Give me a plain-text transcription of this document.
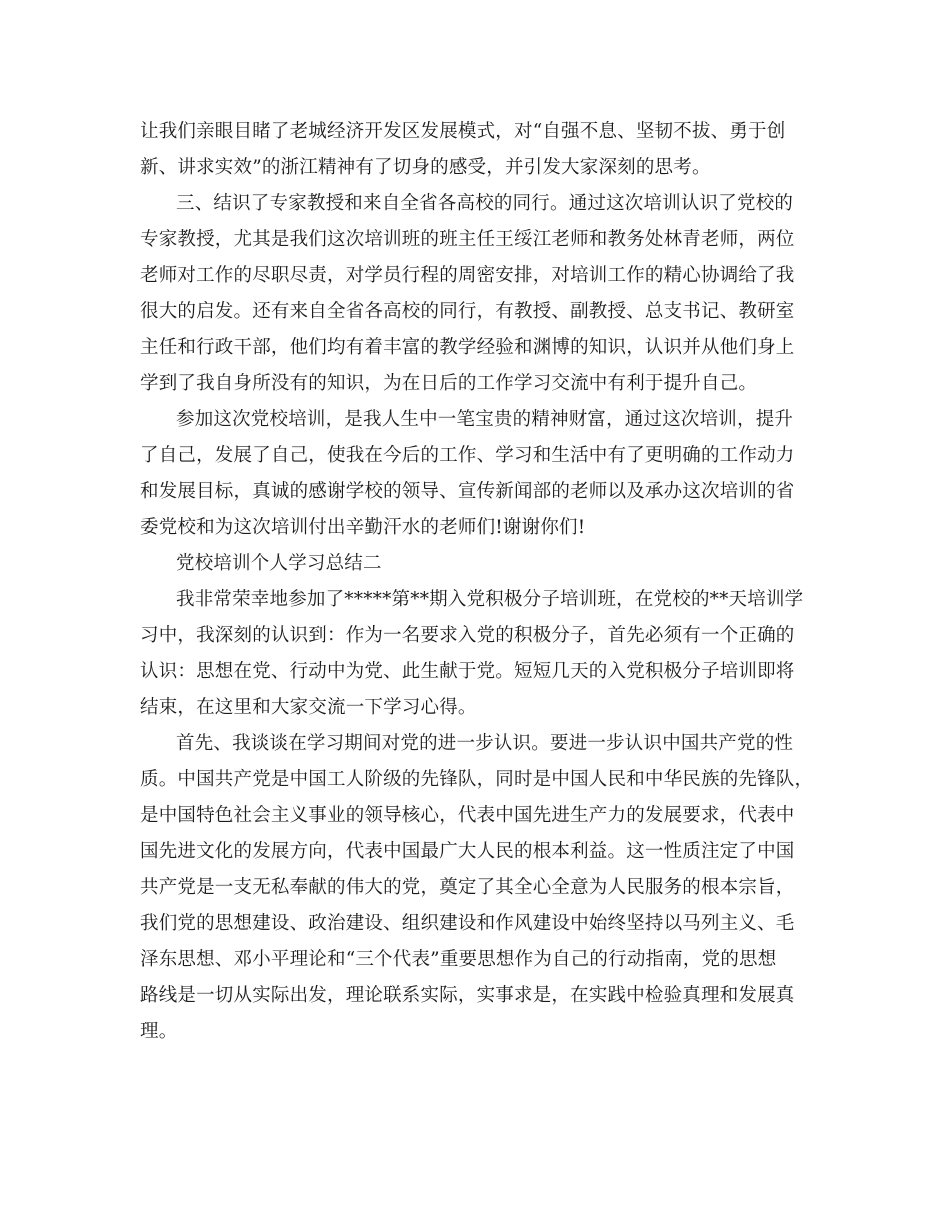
让我们亲眼目睹了老城经济开发区发展模式，对“自强不息、坚韧不拔、勇于创
新、讲求实效”的浙江精神有了切身的感受，并引发大家深刻的思考。
三、结识了专家教授和来自全省各高校的同行。通过这次培训认识了党校的
专家教授，尤其是我们这次培训班的班主任王绥江老师和教务处林青老师，两位
老师对工作的尽职尽责，对学员行程的周密安排，对培训工作的精心协调给了我
很大的启发。还有来自全省各高校的同行，有教授、副教授、总支书记、教研室
主任和行政干部，他们均有着丰富的教学经验和渊博的知识，认识并从他们身上
学到了我自身所没有的知识，为在日后的工作学习交流中有利于提升自己。
参加这次党校培训，是我人生中一笔宝贵的精神财富，通过这次培训，提升
了自己，发展了自己，使我在今后的工作、学习和生活中有了更明确的工作动力
和发展目标，真诚的感谢学校的领导、宣传新闻部的老师以及承办这次培训的省
委党校和为这次培训付出辛勤汗水的老师们!谢谢你们!
党校培训个人学习总结二
我非常荣幸地参加了*****第**期入党积极分子培训班，在党校的**天培训学
习中，我深刻的认识到：作为一名要求入党的积极分子，首先必须有一个正确的
认识：思想在党、行动中为党、此生献于党。短短几天的入党积极分子培训即将
结束，在这里和大家交流一下学习心得。
首先、我谈谈在学习期间对党的进一步认识。要进一步认识中国共产党的性
质。中国共产党是中国工人阶级的先锋队，同时是中国人民和中华民族的先锋队，
是中国特色社会主义事业的领导核心，代表中国先进生产力的发展要求，代表中
国先进文化的发展方向，代表中国最广大人民的根本利益。这一性质注定了中国
共产党是一支无私奉献的伟大的党，奠定了其全心全意为人民服务的根本宗旨，
我们党的思想建设、政治建设、组织建设和作风建设中始终坚持以马列主义、毛
泽东思想、邓小平理论和“三个代表”重要思想作为自己的行动指南，党的思想
路线是一切从实际出发，理论联系实际，实事求是，在实践中检验真理和发展真
理。
